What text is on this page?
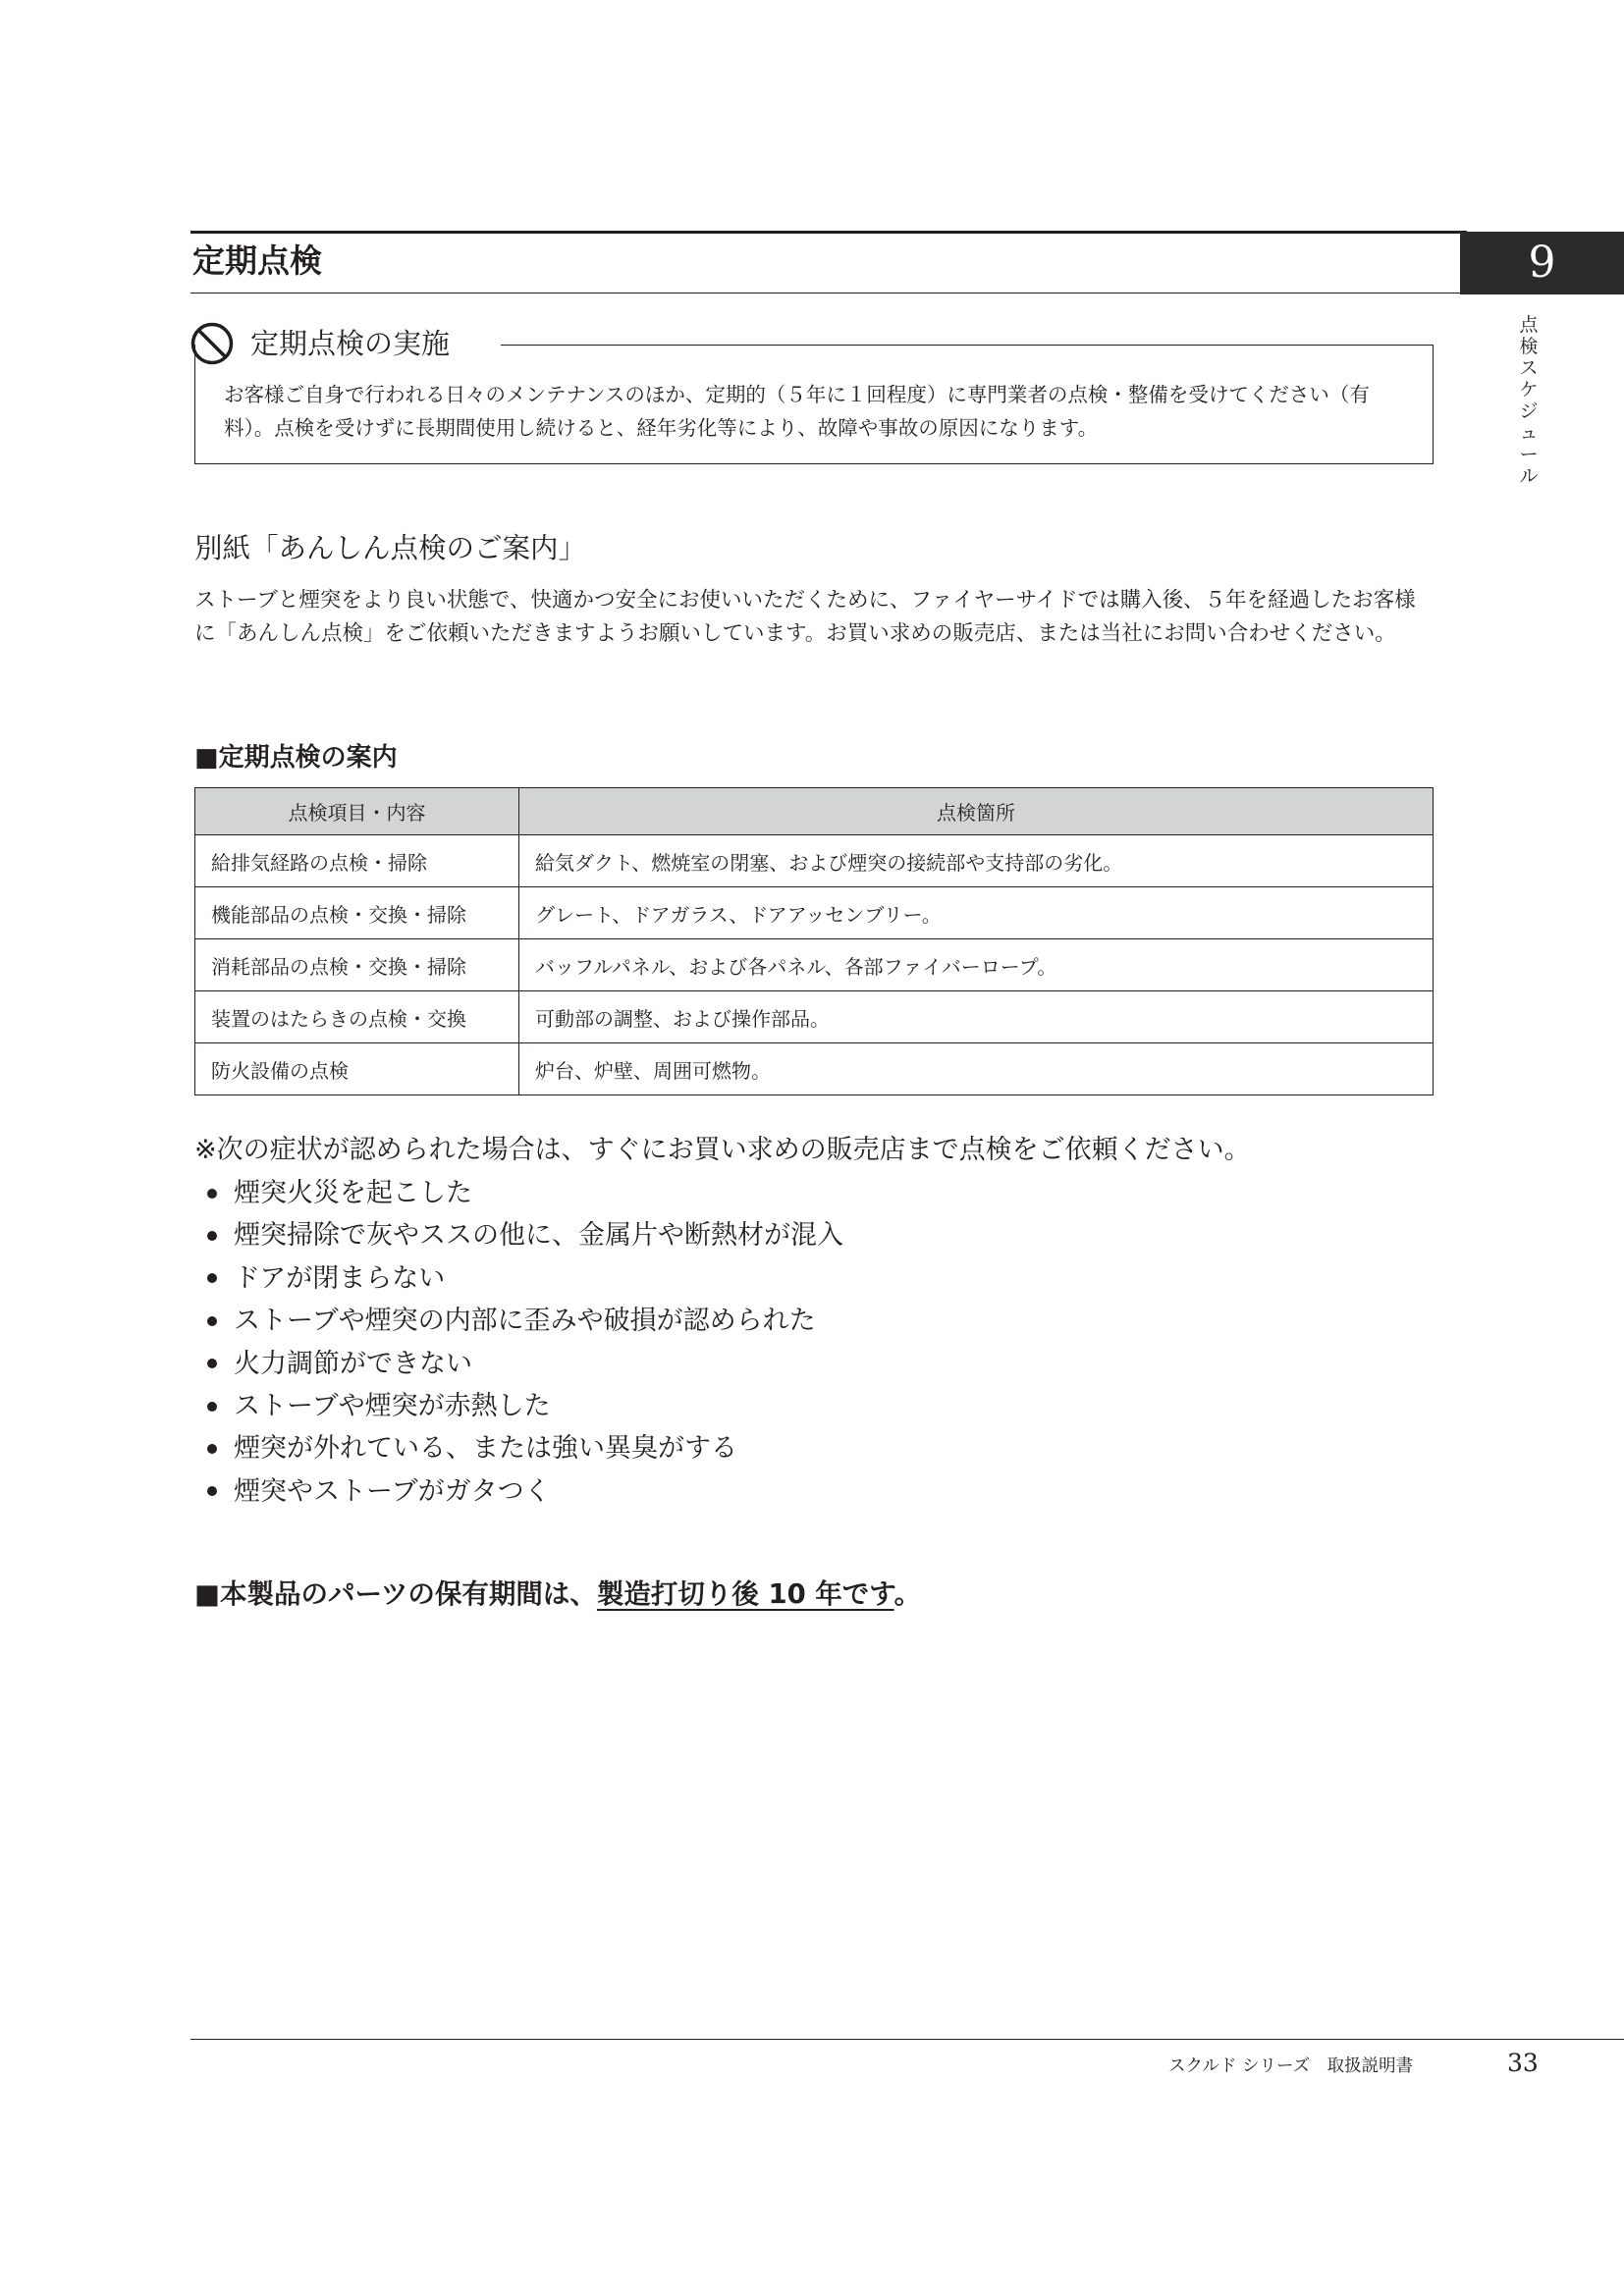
定期点検	9
点検スケジュール
定期点検の実施
お客様ご自身で行われる日々のメンテナンスのほか、定期的（５年に１回程度）に専門業者の点検・整備を受けてください（有料）。点検を受けずに長期間使用し続けると、経年劣化等により、故障や事故の原因になります。
別紙「あんしん点検のご案内」
ストーブと煙突をより良い状態で、快適かつ安全にお使いいただくために、ファイヤーサイドでは購入後、５年を経過したお客様に「あんしん点検」をご依頼いただきますようお願いしています。お買い求めの販売店、または当社にお問い合わせください。
■定期点検の案内
点検項目・内容	点検箇所
給排気経路の点検・掃除	給気ダクト、燃焼室の閉塞、および煙突の接続部や支持部の劣化。
機能部品の点検・交換・掃除	グレート、ドアガラス、ドアアッセンブリー。
消耗部品の点検・交換・掃除	バッフルパネル、および各パネル、各部ファイバーロープ。
装置のはたらきの点検・交換	可動部の調整、および操作部品。
防火設備の点検	炉台、炉壁、周囲可燃物。
※次の症状が認められた場合は、すぐにお買い求めの販売店まで点検をご依頼ください。
煙突火災を起こした
煙突掃除で灰やススの他に、金属片や断熱材が混入
ドアが閉まらない
ストーブや煙突の内部に歪みや破損が認められた
火力調節ができない
ストーブや煙突が赤熱した
煙突が外れている、または強い異臭がする
煙突やストーブがガタつく
■本製品のパーツの保有期間は、製造打切り後 10 年です。
スクルド シリーズ　取扱説明書	33
